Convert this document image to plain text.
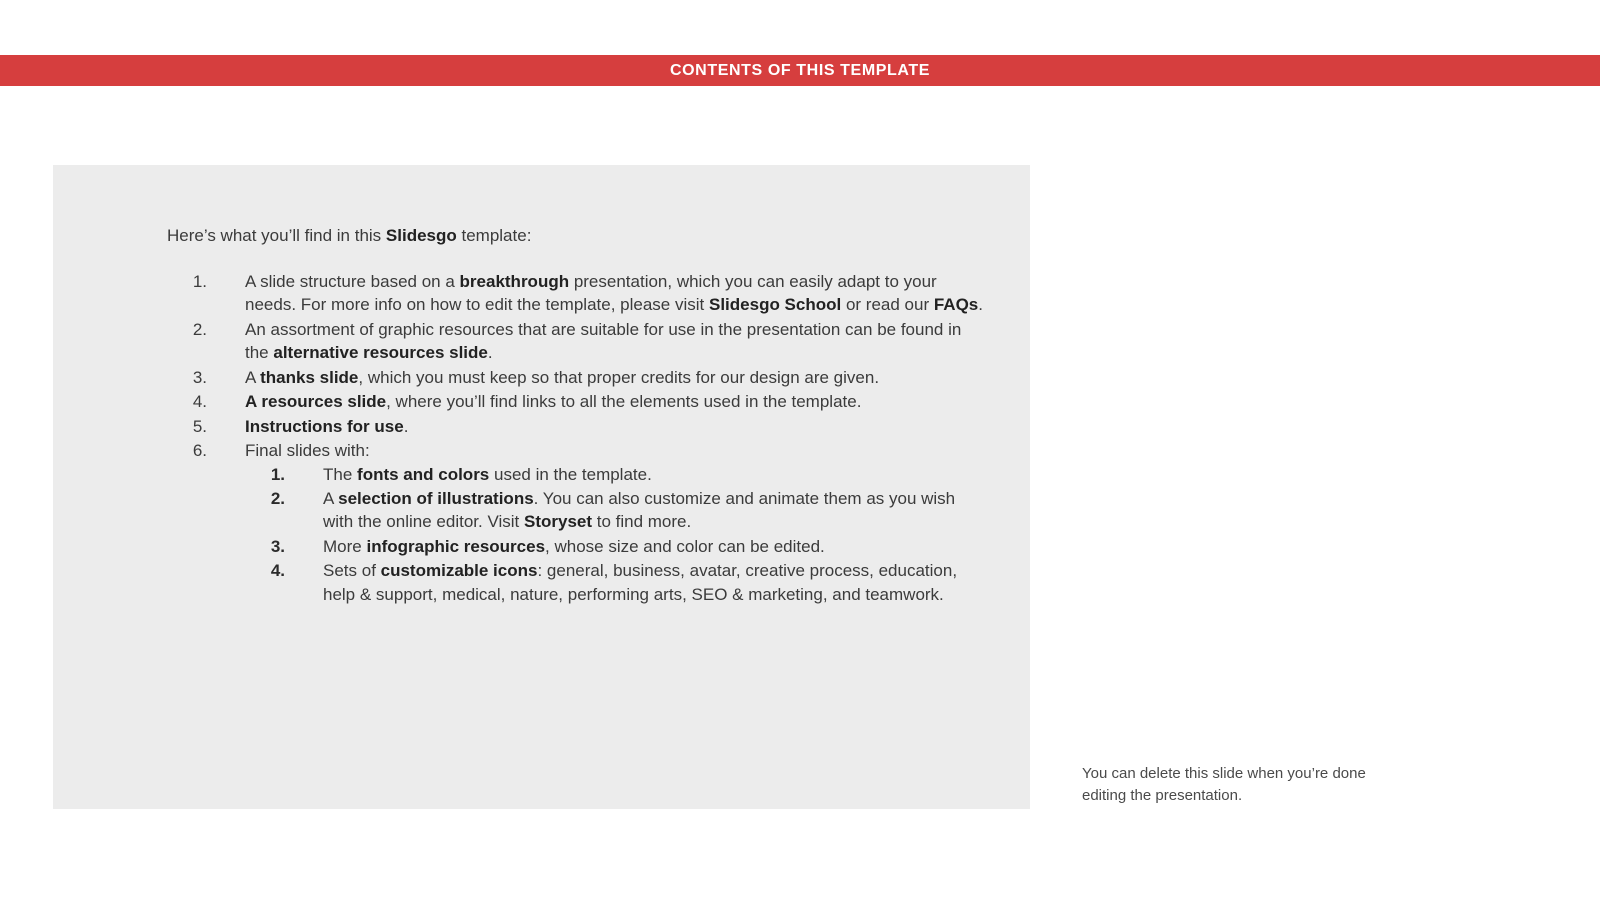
CONTENTS OF THIS TEMPLATE

Here’s what you’ll find in this Slidesgo template:

1. A slide structure based on a breakthrough presentation, which you can easily adapt to your needs. For more info on how to edit the template, please visit Slidesgo School or read our FAQs.
2. An assortment of graphic resources that are suitable for use in the presentation can be found in the alternative resources slide.
3. A thanks slide, which you must keep so that proper credits for our design are given.
4. A resources slide, where you’ll find links to all the elements used in the template.
5. Instructions for use.
6. Final slides with:
1. The fonts and colors used in the template.
2. A selection of illustrations. You can also customize and animate them as you wish with the online editor. Visit Storyset to find more.
3. More infographic resources, whose size and color can be edited.
4. Sets of customizable icons: general, business, avatar, creative process, education, help & support, medical, nature, performing arts, SEO & marketing, and teamwork.
You can delete this slide when you’re done editing the presentation.
